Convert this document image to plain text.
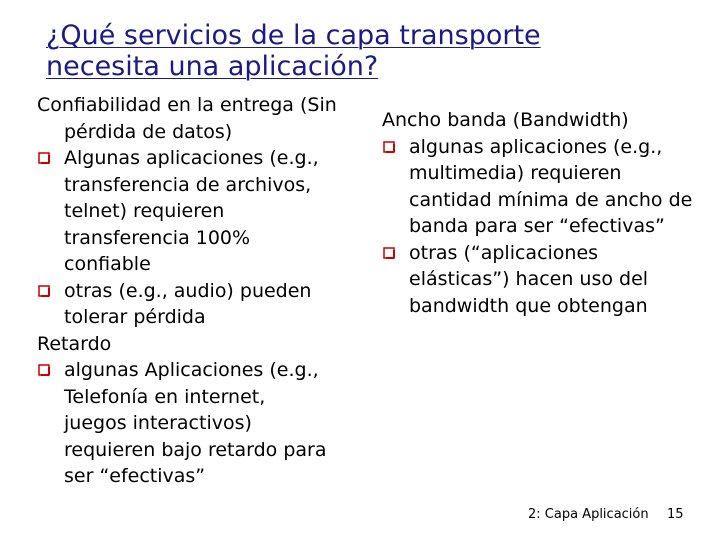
¿Qué servicios de la capa transporte
necesita una aplicación?
Confiabilidad en la entrega (Sin
pérdida de datos)
Algunas aplicaciones (e.g.,
transferencia de archivos,
telnet) requieren
transferencia 100%
confiable
otras (e.g., audio) pueden
tolerar pérdida
Retardo
algunas Aplicaciones (e.g.,
Telefonía en internet,
juegos interactivos)
requieren bajo retardo para
ser “efectivas”
Ancho banda (Bandwidth)
algunas aplicaciones (e.g.,
multimedia) requieren
cantidad mínima de ancho de
banda para ser “efectivas”
otras (“aplicaciones
elásticas”) hacen uso del
bandwidth que obtengan
2: Capa Aplicación 15
